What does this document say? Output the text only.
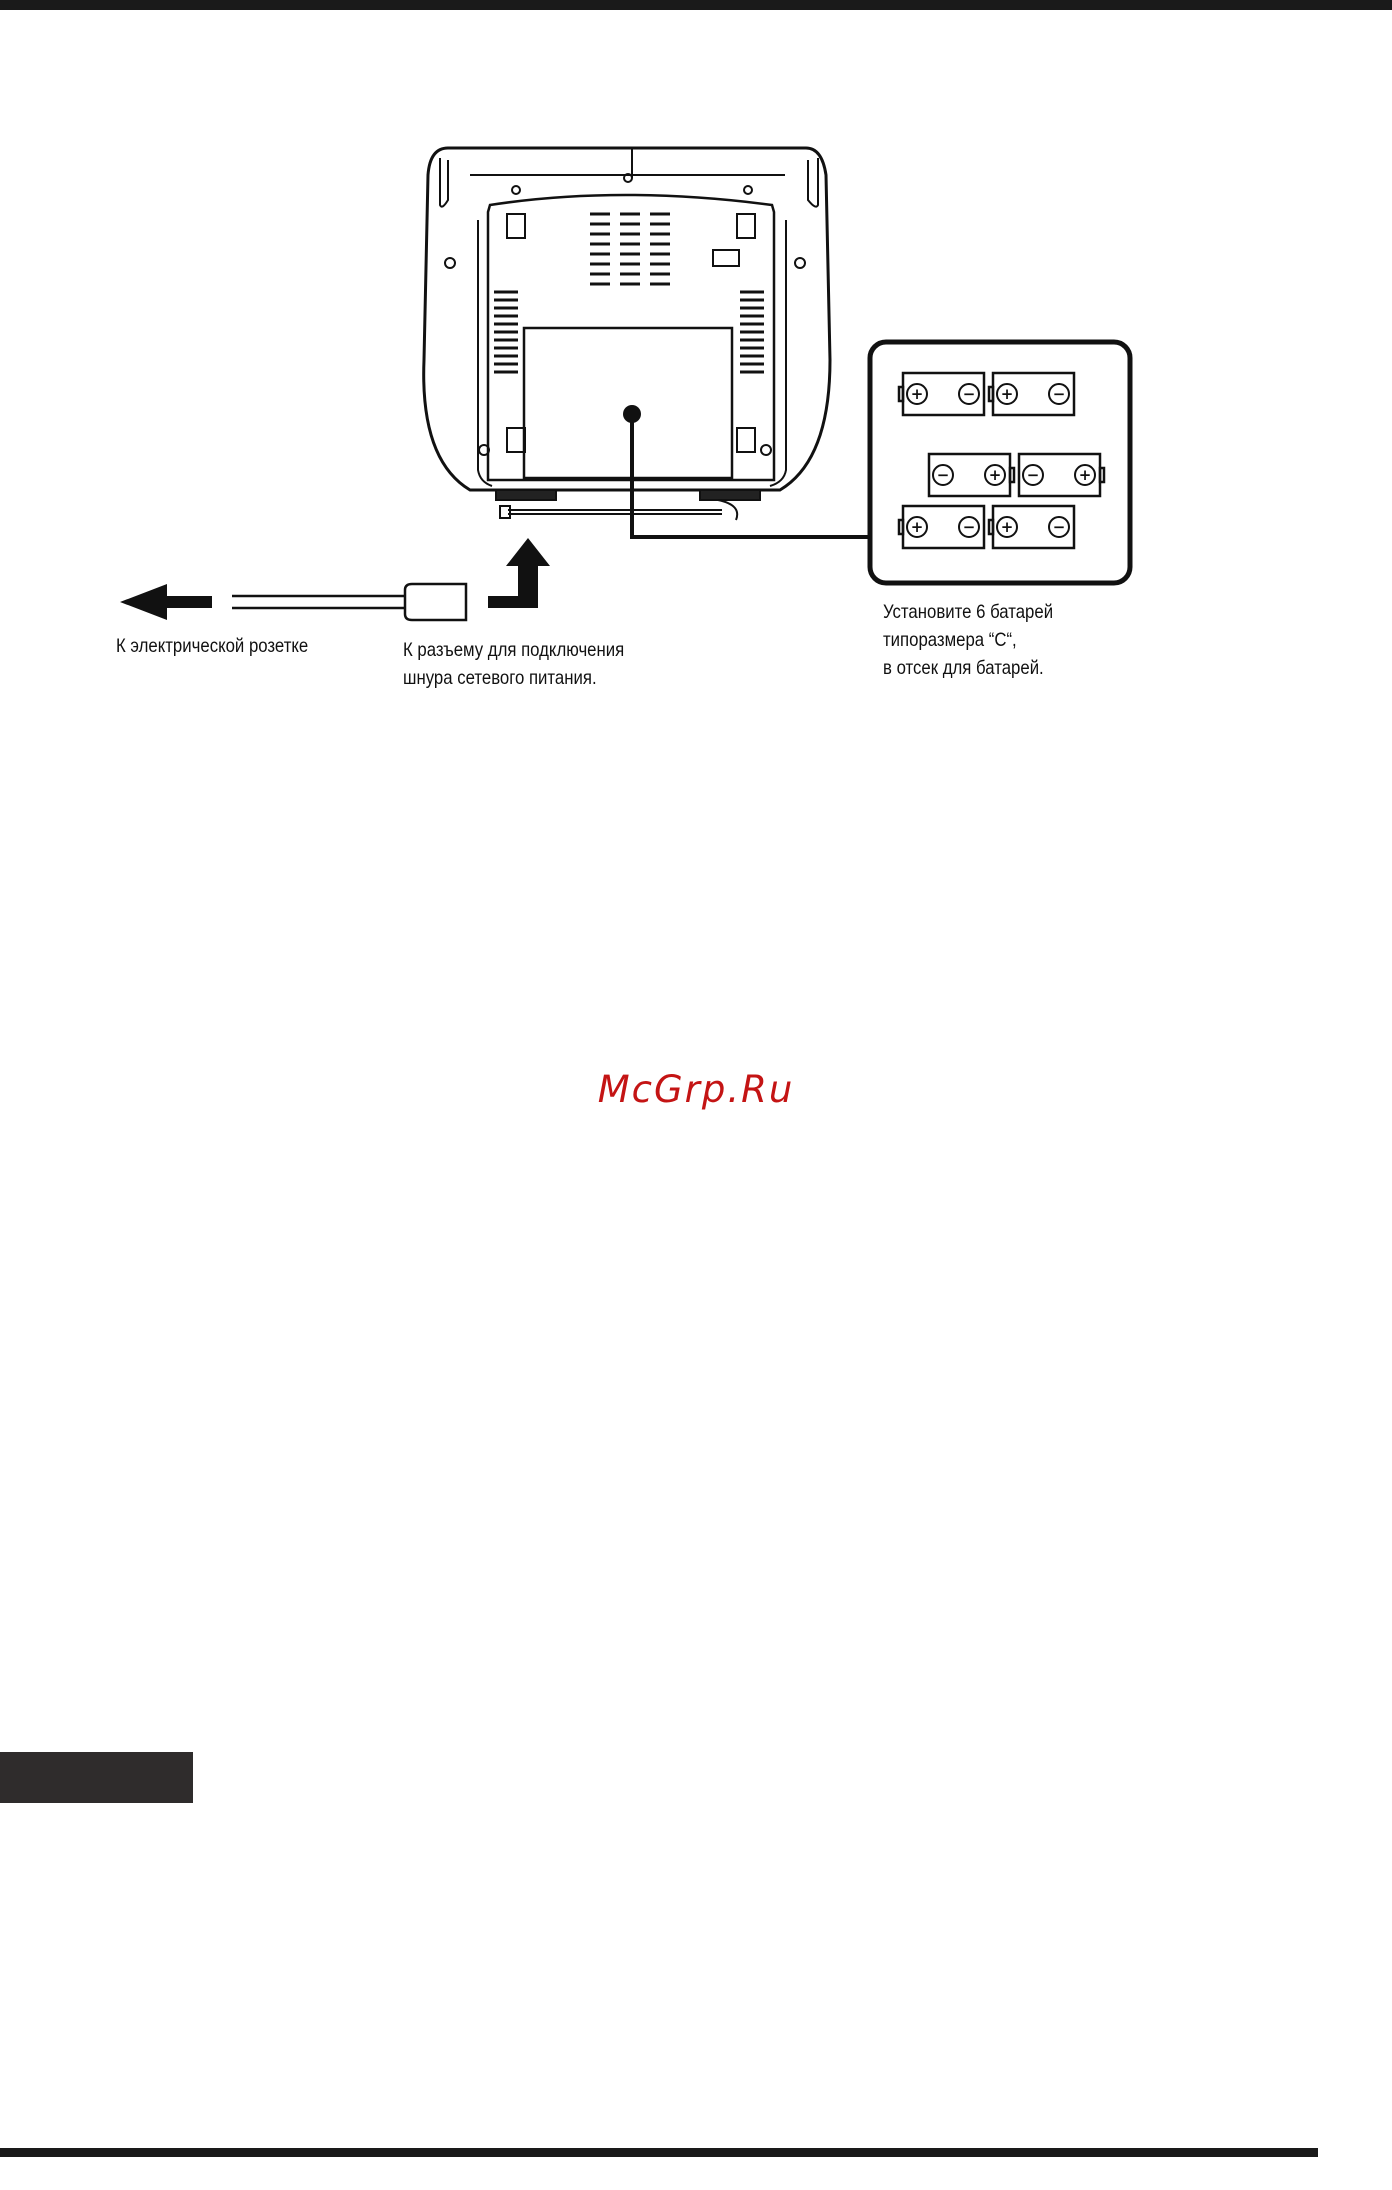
+	−	+	−
−	+	−	+
+	−	+	−
К электрической розетке	К разъему для подключения
шнура сетевого питания.
Установите 6 батарей
типоразмера “C“,
в отсек для батарей.
McGrp.Ru
